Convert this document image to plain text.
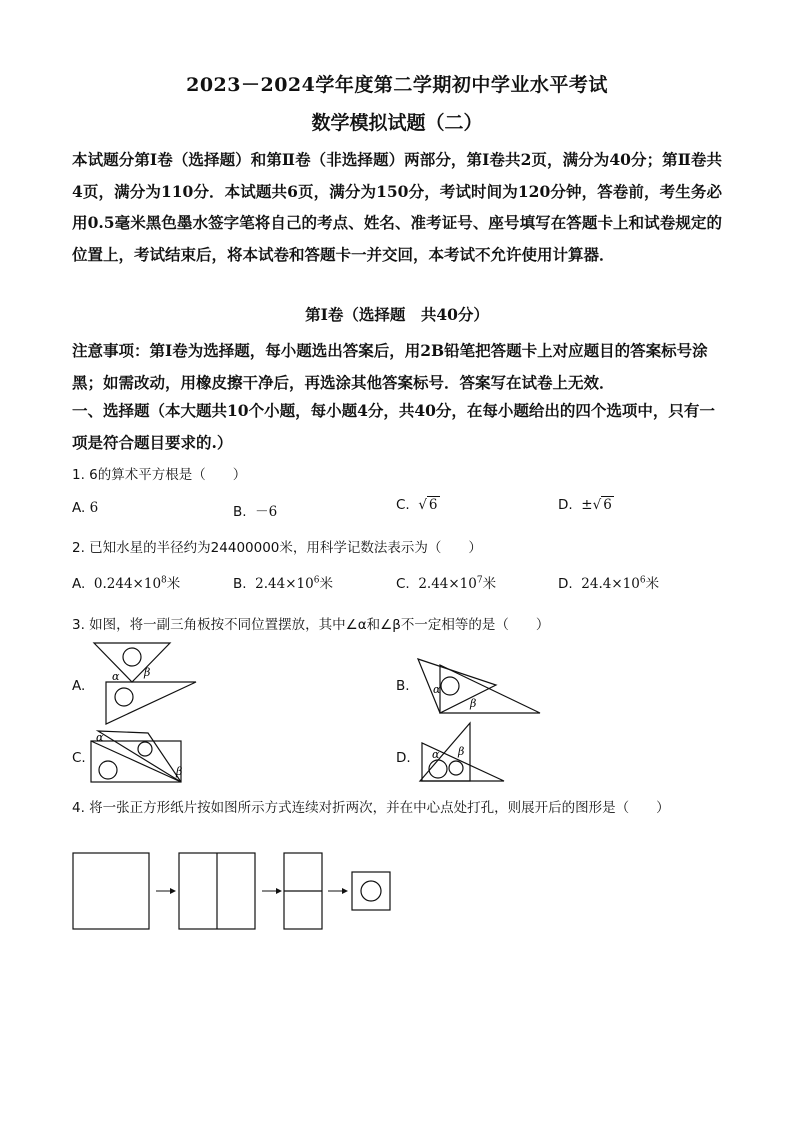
2023－2024学年度第二学期初中学业水平考试
数学模拟试题（二）
本试题分第Ⅰ卷（选择题）和第Ⅱ卷（非选择题）两部分，第Ⅰ卷共2页，满分为40分；第Ⅱ卷共4页，满分为110分．本试题共6页，满分为150分，考试时间为120分钟，答卷前，考生务必用0.5毫米黑色墨水签字笔将自己的考点、姓名、准考证号、座号填写在答题卡上和试卷规定的位置上，考试结束后，将本试卷和答题卡一并交回，本考试不允许使用计算器．
第Ⅰ卷（选择题　共40分）
注意事项：第Ⅰ卷为选择题，每小题选出答案后，用2B铅笔把答题卡上对应题目的答案标号涂黑；如需改动，用橡皮擦干净后，再选涂其他答案标号．答案写在试卷上无效．
一、选择题（本大题共10个小题，每小题4分，共40分，在每小题给出的四个选项中，只有一项是符合题目要求的.）
1. 6的算术平方根是（　　）
A. 6	B. －6	C. √ 6	D. ±√ 6
2. 已知水星的半径约为24400000米，用科学记数法表示为（　　）
A. $0.244\times 10^8$米	B. $2.44\times 10^6$米	C. $2.44\times 10^7$米	D. $24.4\times 10^6$米
3. 如图，将一副三角板按不同位置摆放，其中∠α和∠β不一定相等的是（　　）
A.
α β
B. α
β
C.
α
β
D. α β
4. 将一张正方形纸片按如图所示方式连续对折两次，并在中心点处打孔，则展开后的图形是（　　）
